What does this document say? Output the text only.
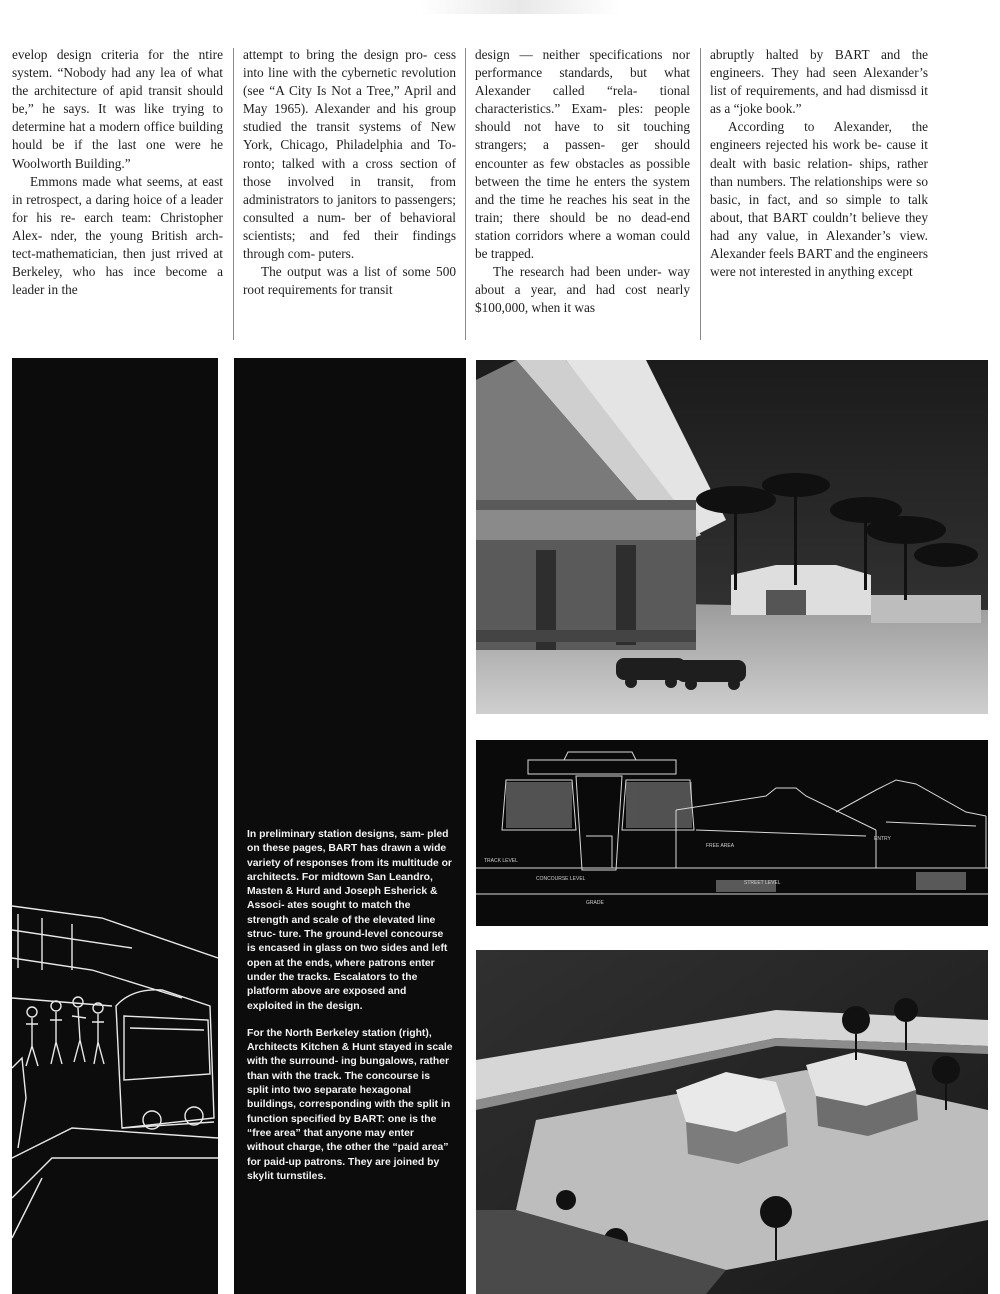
evelop design criteria for the ntire system. “Nobody had any lea of what the architecture of apid transit should be,” he says. It was like trying to determine hat a modern office building hould be if the last one were he Woolworth Building.”

Emmons made what seems, at east in retrospect, a daring hoice of a leader for his re- earch team: Christopher Alex- nder, the young British arch- tect-mathematician, then just rrived at Berkeley, who has ince become a leader in the

attempt to bring the design pro- cess into line with the cybernetic revolution (see “A City Is Not a Tree,” April and May 1965). Alexander and his group studied the transit systems of New York, Chicago, Philadelphia and To- ronto; talked with a cross section of those involved in transit, from administrators to janitors to passengers; consulted a num- ber of behavioral scientists; and fed their findings through com- puters.

The output was a list of some 500 root requirements for transit

design — neither specifications nor performance standards, but what Alexander called “rela- tional characteristics.” Exam- ples: people should not have to sit touching strangers; a passen- ger should encounter as few obstacles as possible between the time he enters the system and the time he reaches his seat in the train; there should be no dead-end station corridors where a woman could be trapped.

The research had been under- way about a year, and had cost nearly $100,000, when it was

abruptly halted by BART and the engineers. They had seen Alexander’s list of requirements, and had dismissd it as a “joke book.”

According to Alexander, the engineers rejected his work be- cause it dealt with basic relation- ships, rather than numbers. The relationships were so basic, in fact, and so simple to talk about, that BART couldn’t believe they had any value, in Alexander’s view. Alexander feels BART and the engineers were not interested in anything except

In preliminary station designs, sam- pled on these pages, BART has drawn a wide variety of responses from its multitude or architects. For midtown San Leandro, Masten & Hurd and Joseph Esherick & Associ- ates sought to match the strength and scale of the elevated line struc- ture. The ground-level concourse is encased in glass on two sides and left open at the ends, where patrons enter under the tracks. Escalators to the platform above are exposed and exploited in the design.

For the North Berkeley station (right), Architects Kitchen & Hunt stayed in scale with the surround- ing bungalows, rather than with the track. The concourse is split into two separate hexagonal buildings, corresponding with the split in function specified by BART: one is the “free area” that anyone may enter without charge, the other the “paid area” for paid-up patrons. They are joined by skylit turnstiles.

FREE AREA
ENTRY
CONCOURSE LEVEL
STREET LEVEL
GRADE
TRACK LEVEL
